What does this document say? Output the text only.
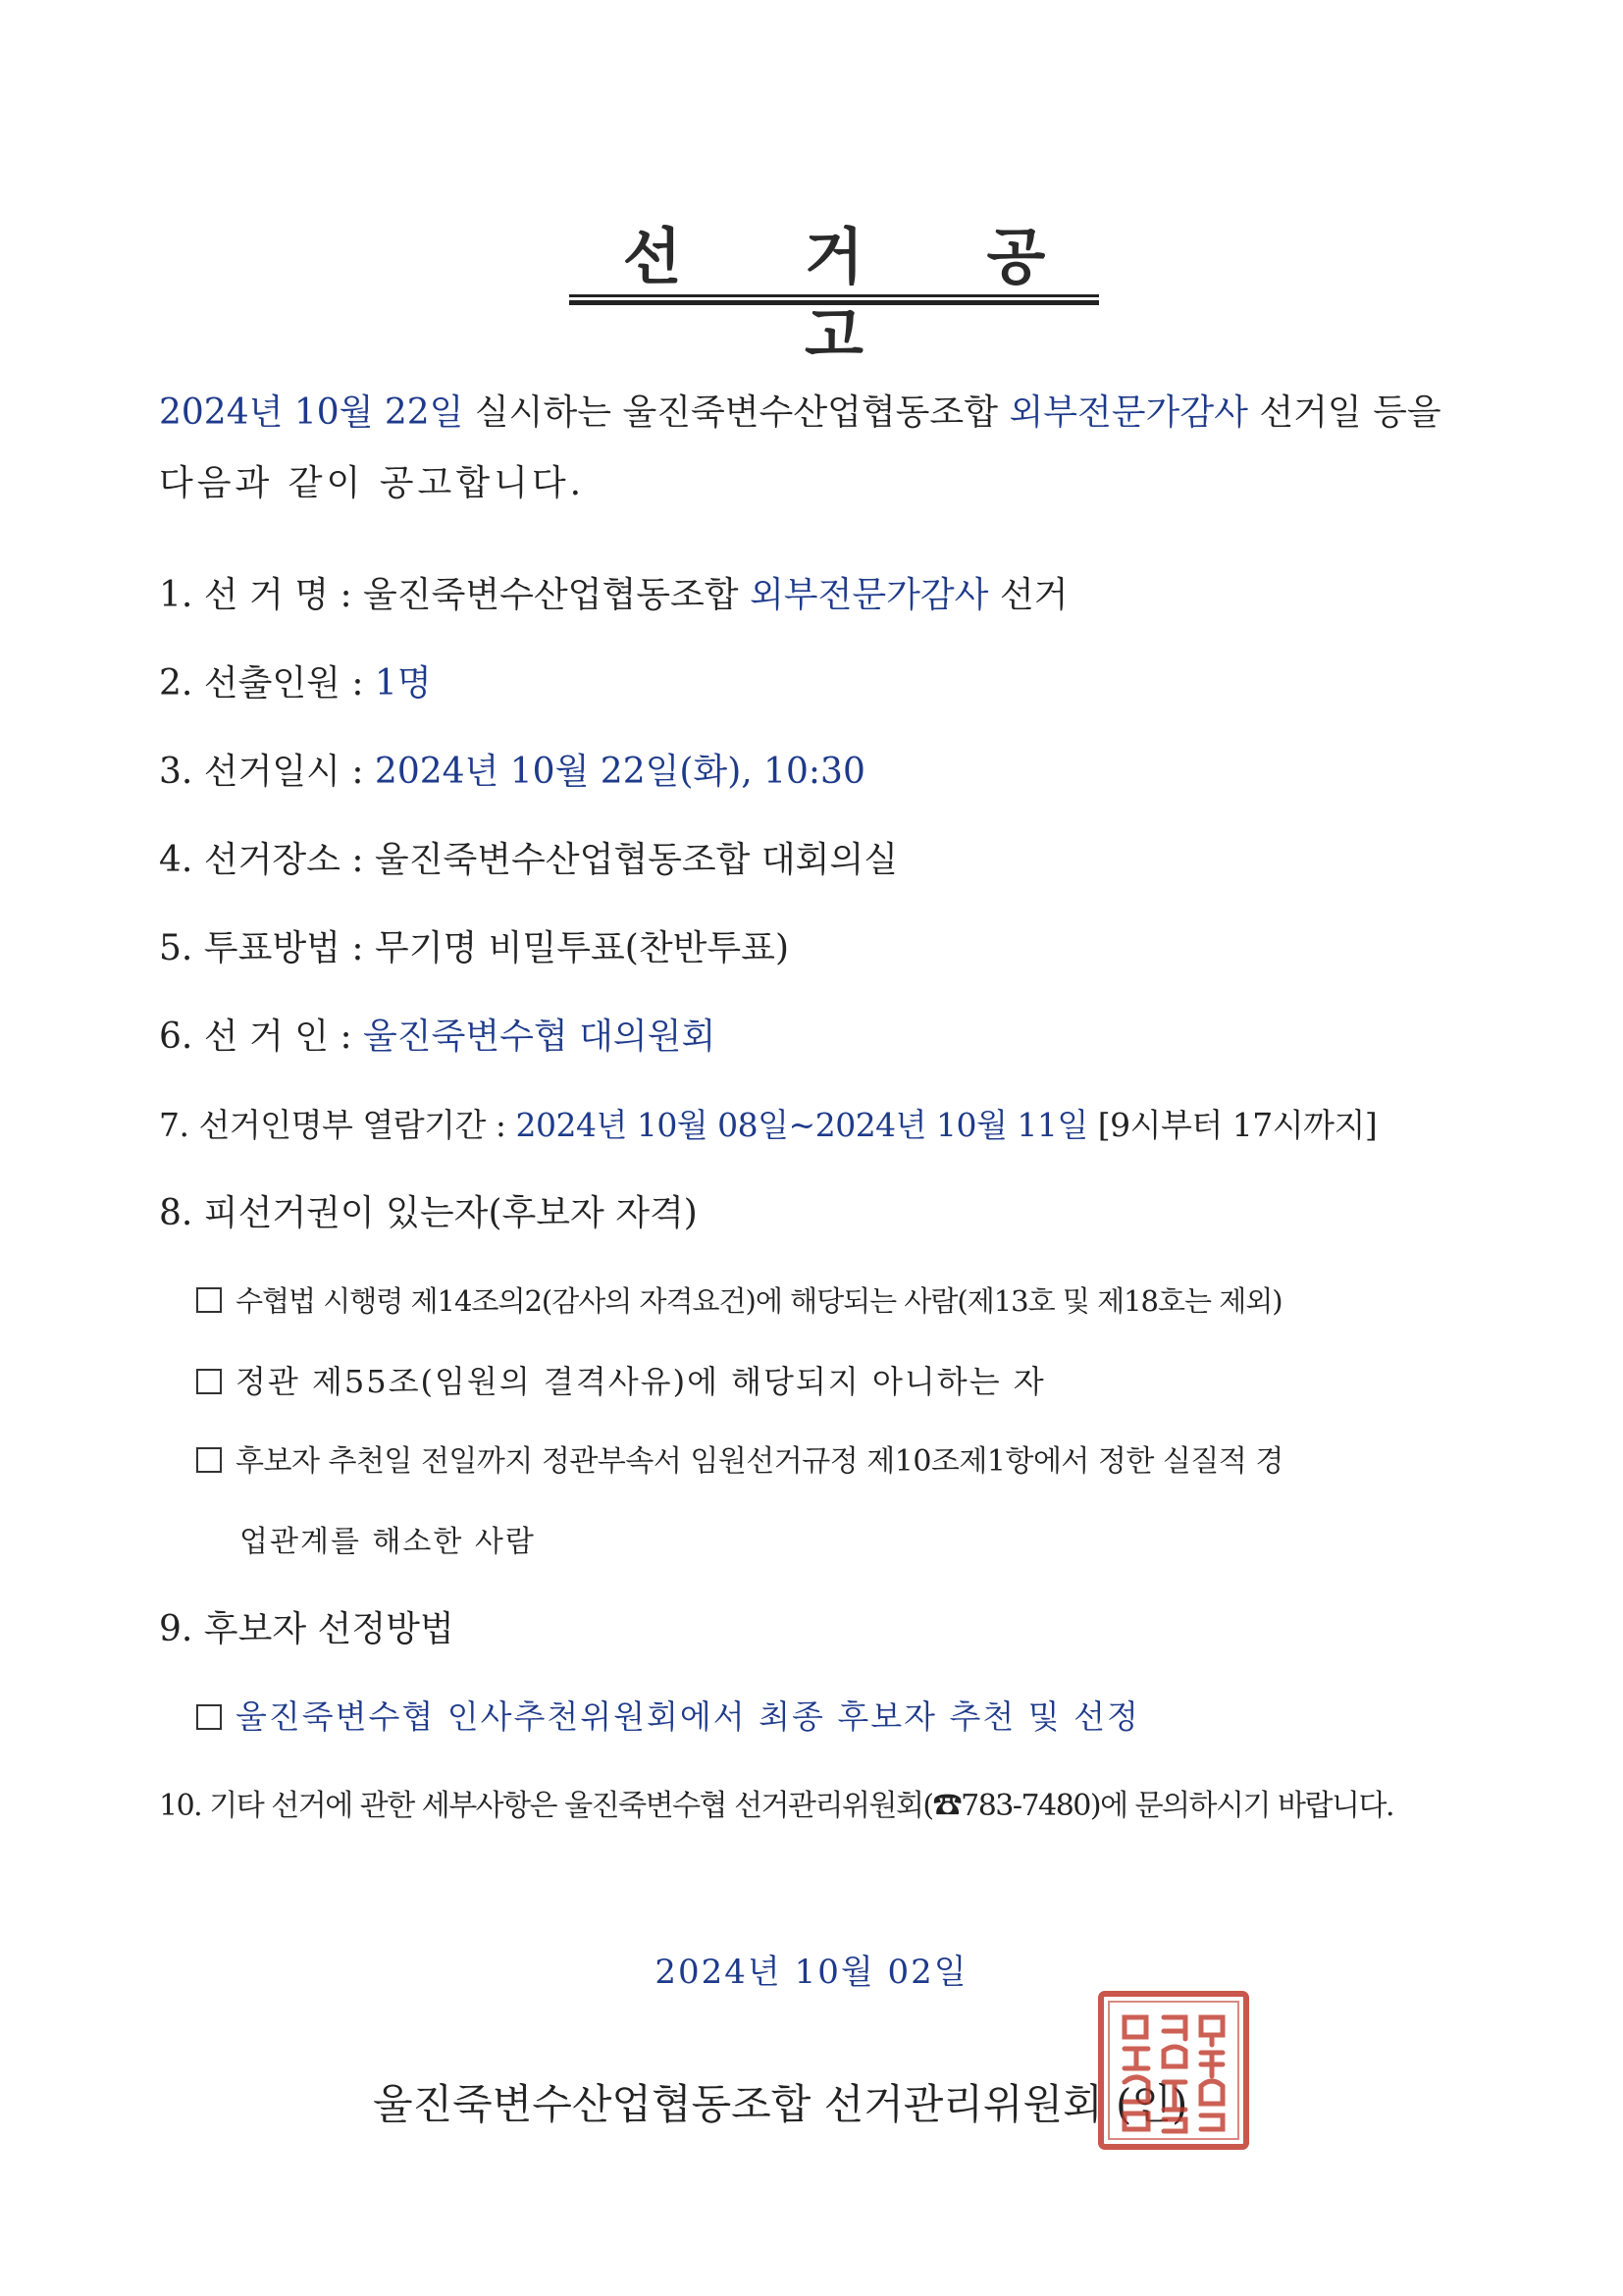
선 거 공 고
2024년 10월 22일 실시하는 울진죽변수산업협동조합 외부전문가감사 선거일 등을
다음과 같이 공고합니다.
1. 선 거 명 : 울진죽변수산업협동조합 외부전문가감사 선거
2. 선출인원 : 1명
3. 선거일시 : 2024년 10월 22일(화), 10:30
4. 선거장소 : 울진죽변수산업협동조합 대회의실
5. 투표방법 : 무기명 비밀투표(찬반투표)
6. 선 거 인 : 울진죽변수협 대의원회
7. 선거인명부 열람기간 : 2024년 10월 08일~2024년 10월 11일 [9시부터 17시까지]
8. 피선거권이 있는자(후보자 자격)
수협법 시행령 제14조의2(감사의 자격요건)에 해당되는 사람(제13호 및 제18호는 제외)
정관 제55조(임원의 결격사유)에 해당되지 아니하는 자
후보자 추천일 전일까지 정관부속서 임원선거규정 제10조제1항에서 정한 실질적 경
업관계를 해소한 사람
9. 후보자 선정방법
울진죽변수협 인사추천위원회에서 최종 후보자 추천 및 선정
10. 기타 선거에 관한 세부사항은 울진죽변수협 선거관리위원회(☎783-7480)에 문의하시기 바랍니다.
2024년 10월 02일
울진죽변수산업협동조합 선거관리위원회 (인)
